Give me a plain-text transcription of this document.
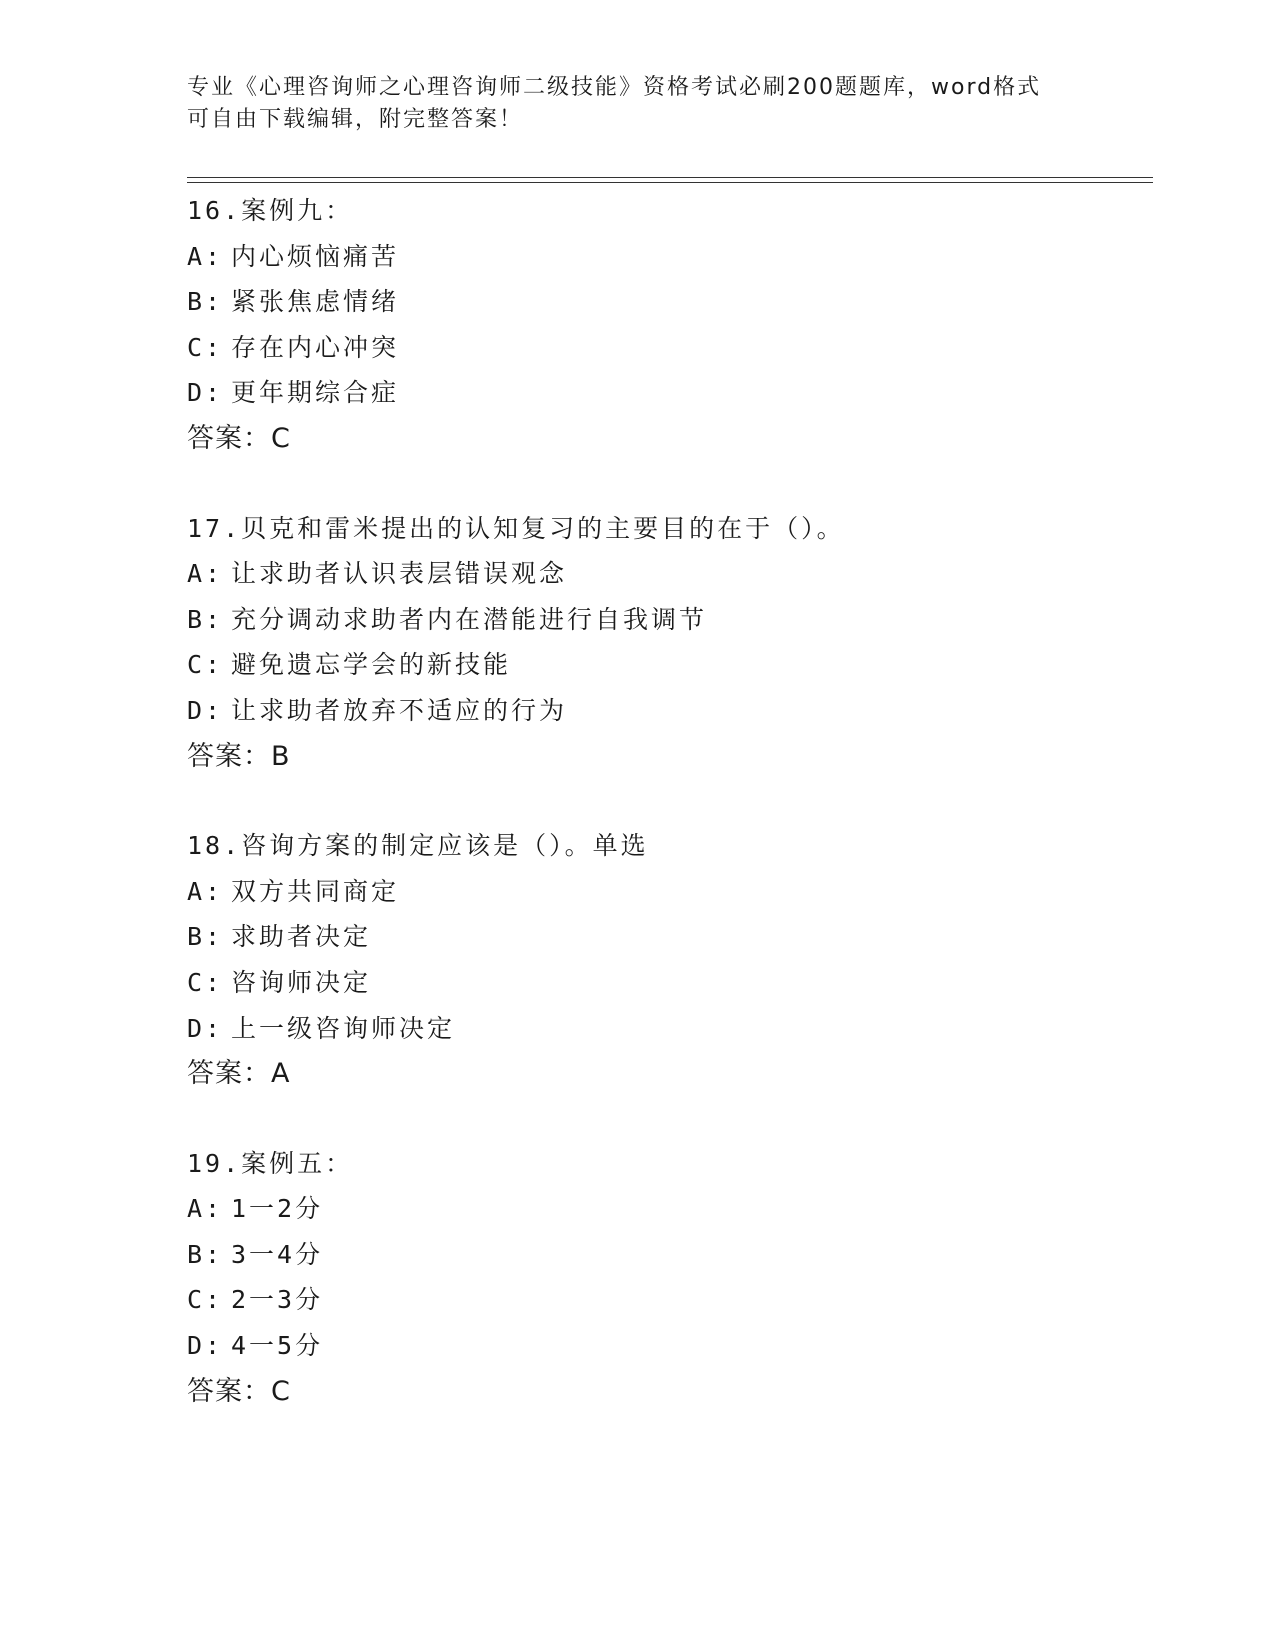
专业《心理咨询师之心理咨询师二级技能》资格考试必刷200题题库，word格式
可自由下载编辑，附完整答案！
16.案例九：
A: 内心烦恼痛苦
B: 紧张焦虑情绪
C: 存在内心冲突
D: 更年期综合症
答案：C
17.贝克和雷米提出的认知复习的主要目的在于（）。
A: 让求助者认识表层错误观念
B: 充分调动求助者内在潜能进行自我调节
C: 避免遗忘学会的新技能
D: 让求助者放弃不适应的行为
答案：B
18.咨询方案的制定应该是（）。单选
A: 双方共同商定
B: 求助者决定
C: 咨询师决定
D: 上一级咨询师决定
答案：A
19.案例五：
A: 1一2分
B: 3一4分
C: 2一3分
D: 4一5分
答案：C
